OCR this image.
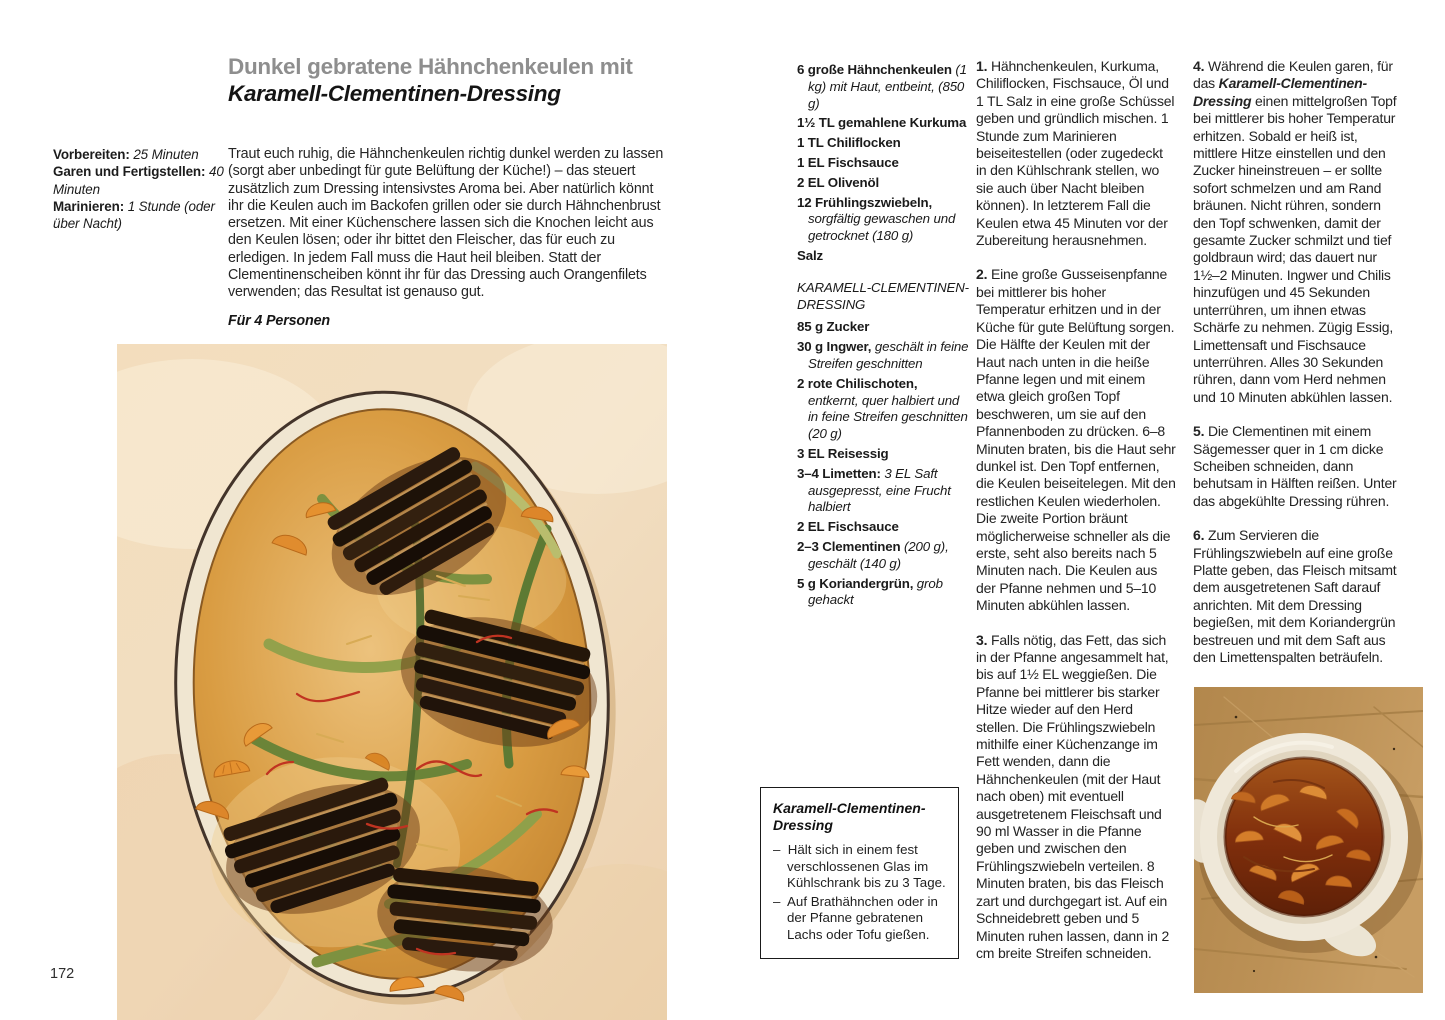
Vorbereiten: 25 Minuten
Garen und Fertigstellen: 40 Minuten
Marinieren: 1 Stunde (oder über Nacht)
Dunkel gebratene Hähnchenkeulen mit
Karamell-Clementinen-Dressing
Traut euch ruhig, die Hähnchenkeulen richtig dunkel werden zu lassen (sorgt aber unbedingt für gute Belüftung der Küche!) – das steuert zusätzlich zum Dressing intensivstes Aroma bei. Aber natürlich könnt ihr die Keulen auch im Backofen grillen oder sie durch Hähnchenbrust ersetzen. Mit einer Küchenschere lassen sich die Knochen leicht aus den Keulen lösen; oder ihr bittet den Fleischer, das für euch zu erledigen. In jedem Fall muss die Haut heil bleiben. Statt der Clementinenscheiben könnt ihr für das Dressing auch Orangenfilets verwenden; das Resultat ist genauso gut.
Für 4 Personen
6 große Hähnchenkeulen (1 kg) mit Haut, entbeint, (850 g)
1½ TL gemahlene Kurkuma
1 TL Chiliflocken
1 EL Fischsauce
2 EL Olivenöl
12 Frühlingszwiebeln, sorgfältig gewaschen und getrocknet (180 g)
Salz
KARAMELL-CLEMENTINEN-DRESSING
85 g Zucker
30 g Ingwer, geschält in feine Streifen geschnitten
2 rote Chilischoten, entkernt, quer halbiert und in feine Streifen geschnitten (20 g)
3 EL Reisessig
3–4 Limetten: 3 EL Saft ausgepresst, eine Frucht halbiert
2 EL Fischsauce
2–3 Clementinen (200 g), geschält (140 g)
5 g Koriandergrün, grob gehackt
Karamell-Clementinen-Dressing
–  Hält sich in einem fest verschlossenen Glas im Kühlschrank bis zu 3 Tage.
–  Auf Brathähnchen oder in der Pfanne gebratenen Lachs oder Tofu gießen.
1. Hähnchenkeulen, Kurkuma, Chiliflocken, Fischsauce, Öl und 1 TL Salz in eine große Schüssel geben und gründlich mischen. 1 Stunde zum Marinieren beiseitestellen (oder zugedeckt in den Kühlschrank stellen, wo sie auch über Nacht bleiben können). In letzterem Fall die Keulen etwa 45 Minuten vor der Zubereitung herausnehmen.
2. Eine große Gusseisenpfanne bei mittlerer bis hoher Temperatur erhitzen und in der Küche für gute Belüftung sorgen. Die Hälfte der Keulen mit der Haut nach unten in die heiße Pfanne legen und mit einem etwa gleich großen Topf beschweren, um sie auf den Pfannenboden zu drücken. 6–8 Minuten braten, bis die Haut sehr dunkel ist. Den Topf entfernen, die Keulen beiseitelegen. Mit den restlichen Keulen wiederholen. Die zweite Portion bräunt möglicherweise schneller als die erste, seht also bereits nach 5 Minuten nach. Die Keulen aus der Pfanne nehmen und 5–10 Minuten abkühlen lassen.
3. Falls nötig, das Fett, das sich in der Pfanne angesammelt hat, bis auf 1½ EL weggießen. Die Pfanne bei mittlerer bis starker Hitze wieder auf den Herd stellen. Die Frühlingszwiebeln mithilfe einer Küchenzange im Fett wenden, dann die Hähnchenkeulen (mit der Haut nach oben) mit eventuell ausgetretenem Fleischsaft und 90 ml Wasser in die Pfanne geben und zwischen den Frühlingszwiebeln verteilen. 8 Minuten braten, bis das Fleisch zart und durchgegart ist. Auf ein Schneidebrett geben und 5 Minuten ruhen lassen, dann in 2 cm breite Streifen schneiden.
4. Während die Keulen garen, für das Karamell-Clementinen-Dressing einen mittelgroßen Topf bei mittlerer bis hoher Temperatur erhitzen. Sobald er heiß ist, mittlere Hitze einstellen und den Zucker hineinstreuen – er sollte sofort schmelzen und am Rand bräunen. Nicht rühren, sondern den Topf schwenken, damit der gesamte Zucker schmilzt und tief goldbraun wird; das dauert nur 1½–2 Minuten. Ingwer und Chilis hinzufügen und 45 Sekunden unterrühren, um ihnen etwas Schärfe zu nehmen. Zügig Essig, Limettensaft und Fischsauce unterrühren. Alles 30 Sekunden rühren, dann vom Herd nehmen und 10 Minuten abkühlen lassen.
5. Die Clementinen mit einem Sägemesser quer in 1 cm dicke Scheiben schneiden, dann behutsam in Hälften reißen. Unter das abgekühlte Dressing rühren.
6. Zum Servieren die Frühlingszwiebeln auf eine große Platte geben, das Fleisch mitsamt dem ausgetretenen Saft darauf anrichten. Mit dem Dressing begießen, mit dem Koriandergrün bestreuen und mit dem Saft aus den Limettenspalten beträufeln.
172
